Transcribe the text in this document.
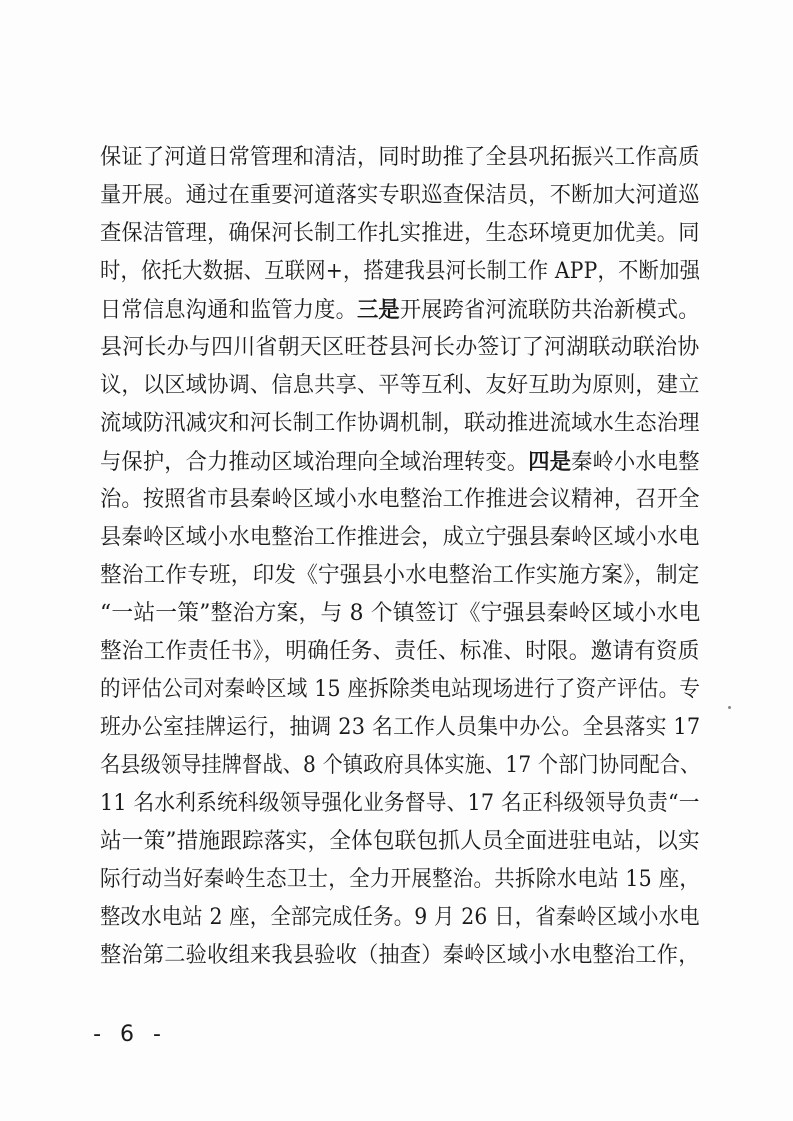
保证了河道日常管理和清洁，同时助推了全县巩拓振兴工作高质
量开展。通过在重要河道落实专职巡查保洁员，不断加大河道巡
查保洁管理，确保河长制工作扎实推进，生态环境更加优美。同
时，依托大数据、互联网+，搭建我县河长制工作 APP，不断加强
日常信息沟通和监管力度。三是开展跨省河流联防共治新模式。
县河长办与四川省朝天区旺苍县河长办签订了河湖联动联治协
议，以区域协调、信息共享、平等互利、友好互助为原则，建立
流域防汛减灾和河长制工作协调机制，联动推进流域水生态治理
与保护，合力推动区域治理向全域治理转变。四是秦岭小水电整
治。按照省市县秦岭区域小水电整治工作推进会议精神，召开全
县秦岭区域小水电整治工作推进会，成立宁强县秦岭区域小水电
整治工作专班，印发《宁强县小水电整治工作实施方案》，制定
“一站一策”整治方案，与 8 个镇签订《宁强县秦岭区域小水电
整治工作责任书》，明确任务、责任、标准、时限。邀请有资质
的评估公司对秦岭区域 15 座拆除类电站现场进行了资产评估。专
班办公室挂牌运行，抽调 23 名工作人员集中办公。全县落实 17
名县级领导挂牌督战、8 个镇政府具体实施、17 个部门协同配合、
11 名水利系统科级领导强化业务督导、17 名正科级领导负责“一
站一策”措施跟踪落实，全体包联包抓人员全面进驻电站，以实
际行动当好秦岭生态卫士，全力开展整治。共拆除水电站 15 座，
整改水电站 2 座，全部完成任务。9 月 26 日，省秦岭区域小水电
整治第二验收组来我县验收（抽查）秦岭区域小水电整治工作，
- 6 -
